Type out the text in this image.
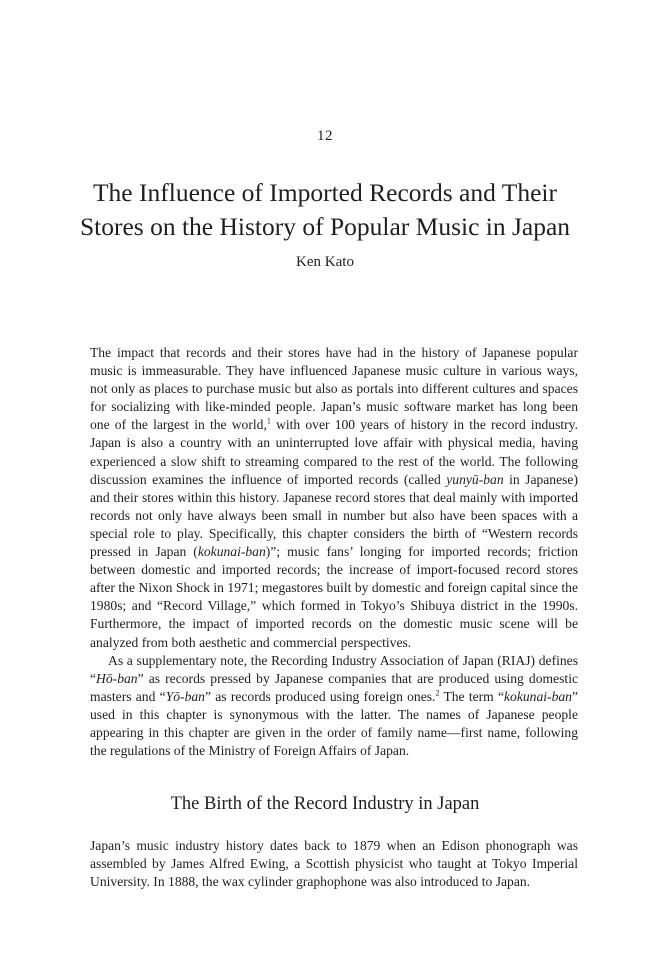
12
The Influence of Imported Records and Their
Stores on the History of Popular Music in Japan
Ken Kato

The impact that records and their stores have had in the history of Japanese popular music is immeasurable. They have influenced Japanese music culture in various ways, not only as places to purchase music but also as portals into different cultures and spaces for socializing with like-minded people. Japan’s music software market has long been one of the largest in the world,$^1$ with over 100 years of history in the record industry. Japan is also a country with an uninterrupted love affair with physical media, having experienced a slow shift to streaming compared to the rest of the world. The following discussion examines the influence of imported records (called yunyū-ban in Japanese) and their stores within this history. Japanese record stores that deal mainly with imported records not only have always been small in number but also have been spaces with a special role to play. Specifically, this chapter considers the birth of “Western records pressed in Japan (kokunai-ban)”; music fans’ longing for imported records; friction between domestic and imported records; the increase of import-focused record stores after the Nixon Shock in 1971; megastores built by domestic and foreign capital since the 1980s; and “Record Village,” which formed in Tokyo’s Shibuya district in the 1990s. Furthermore, the impact of imported records on the domestic music scene will be analyzed from both aesthetic and commercial perspectives.

As a supplementary note, the Recording Industry Association of Japan (RIAJ) defines “Hō-ban” as records pressed by Japanese companies that are produced using domestic masters and “Yō-ban” as records produced using foreign ones.$^2$ The term “kokunai-ban” used in this chapter is synonymous with the latter. The names of Japanese people appearing in this chapter are given in the order of family name—first name, following the regulations of the Ministry of Foreign Affairs of Japan.

The Birth of the Record Industry in Japan

Japan’s music industry history dates back to 1879 when an Edison phonograph was assembled by James Alfred Ewing, a Scottish physicist who taught at Tokyo Imperial University. In 1888, the wax cylinder graphophone was also introduced to Japan.
